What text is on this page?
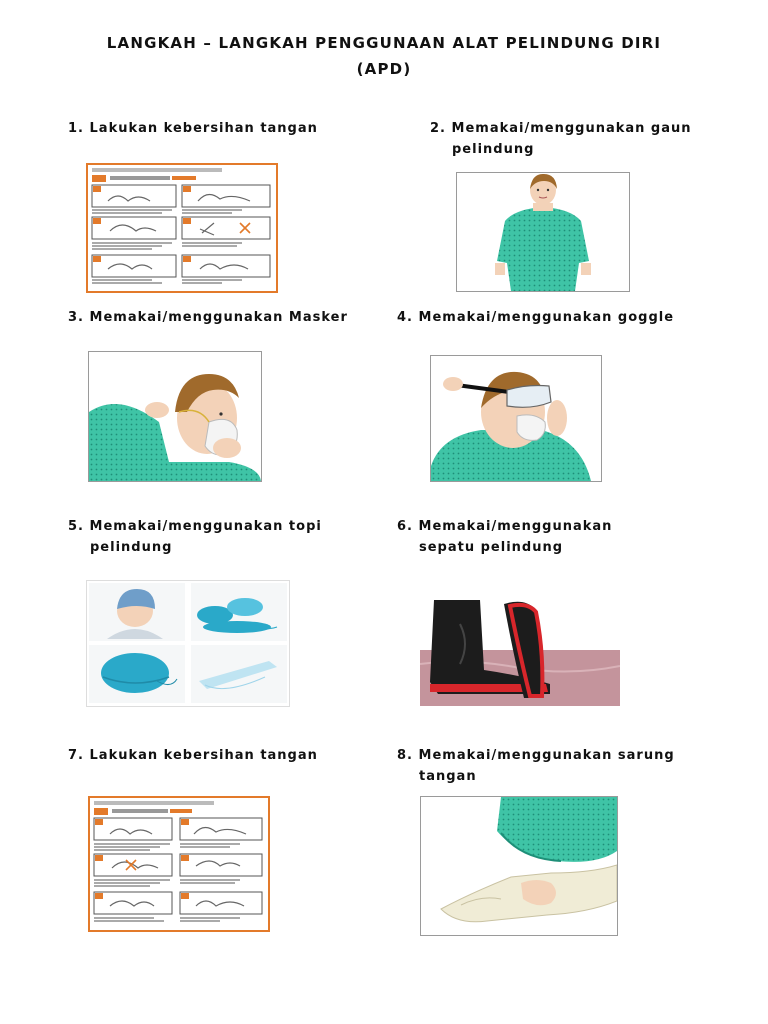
LANGKAH – LANGKAH PENGGUNAAN ALAT PELINDUNG DIRI
(APD)
1. Lakukan kebersihan tangan	2. Memakai/menggunakan gaun
pelindung
3. Memakai/menggunakan Masker	4. Memakai/menggunakan goggle
5. Memakai/menggunakan topi
pelindung
6. Memakai/menggunakan
sepatu pelindung
7. Lakukan kebersihan tangan	8. Memakai/menggunakan sarung
tangan
